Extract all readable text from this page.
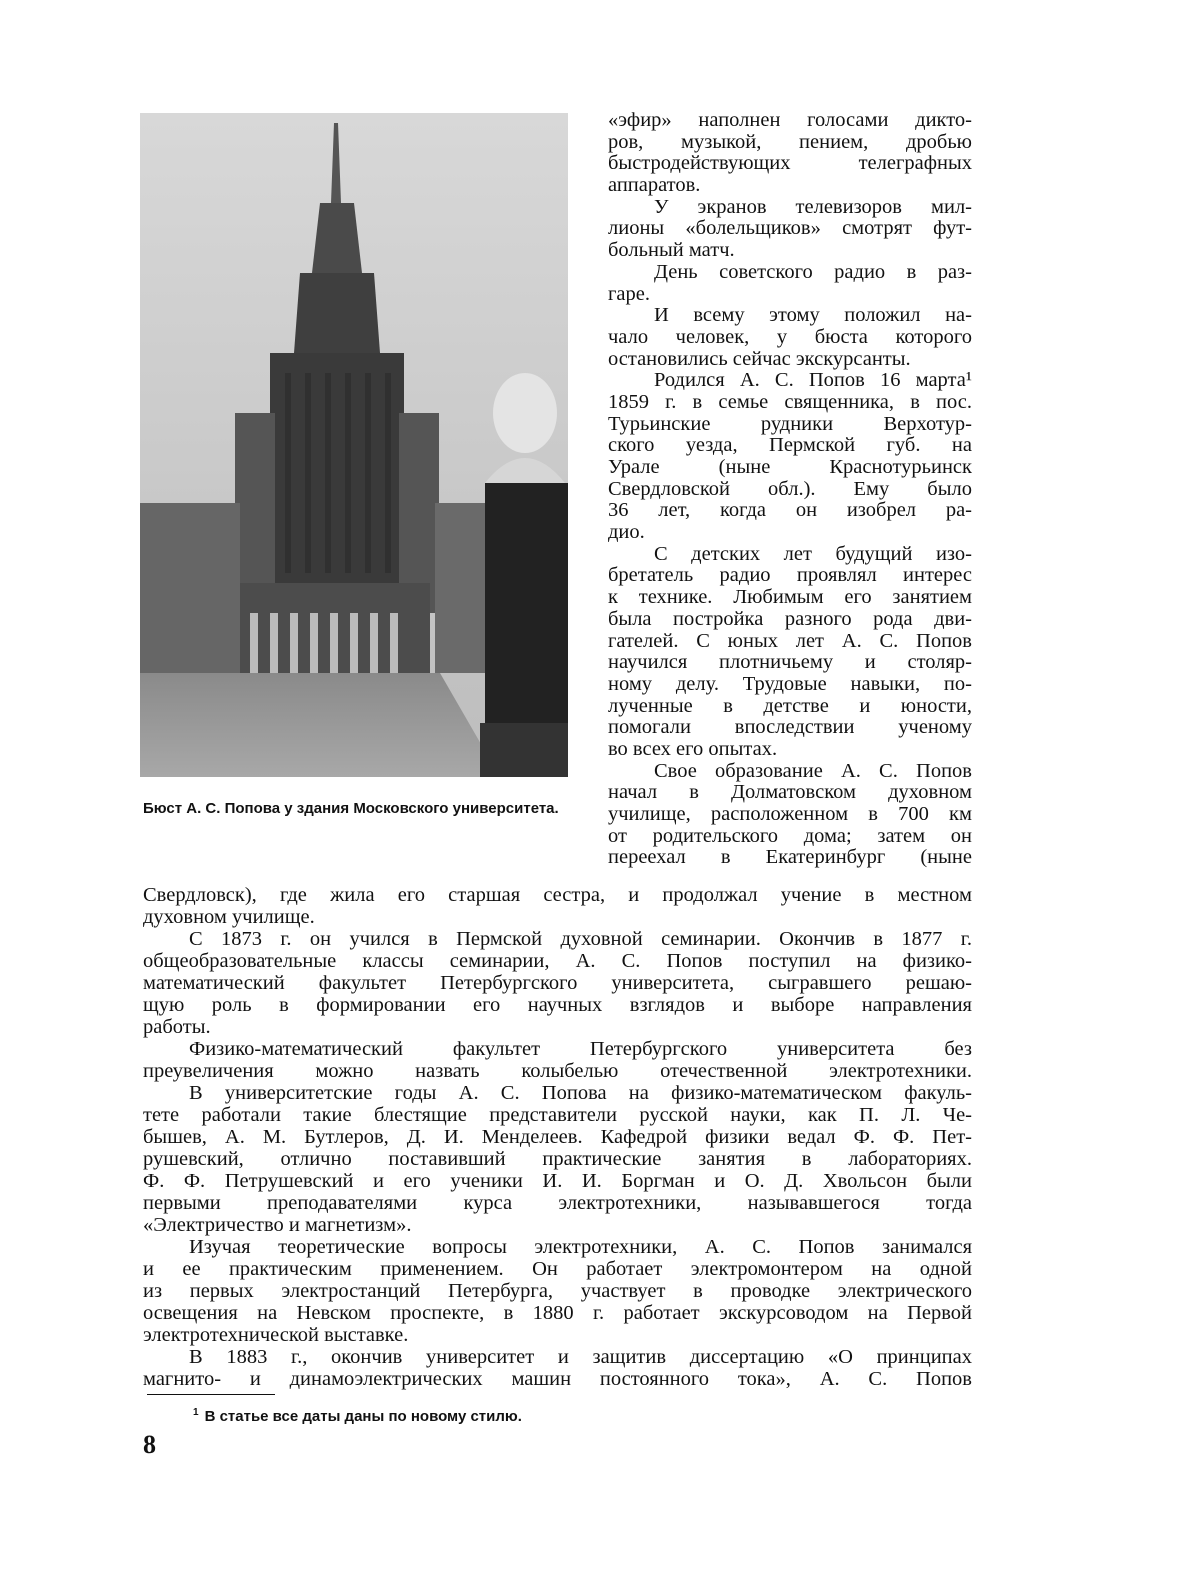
Бюст А. С. Попова у здания Московского университета.
«эфир» наполнен голосами дикто-
ров, музыкой, пением, дробью
быстродействующих телеграфных
аппаратов.
У экранов телевизоров мил-
лионы «болельщиков» смотрят фут-
больный матч.
День советского радио в раз-
гаре.
И всему этому положил на-
чало человек, у бюста которого
остановились сейчас экскурсанты.
Родился А. С. Попов 16 марта¹
1859 г. в семье священника, в пос.
Турьинские рудники Верхотур-
ского уезда, Пермской губ. на
Урале (ныне Краснотурьинск
Свердловской обл.). Ему было
36 лет, когда он изобрел ра-
дио.
С детских лет будущий изо-
бретатель радио проявлял интерес
к технике. Любимым его занятием
была постройка разного рода дви-
гателей. С юных лет А. С. Попов
научился плотничьему и столяр-
ному делу. Трудовые навыки, по-
лученные в детстве и юности,
помогали впоследствии ученому
во всех его опытах.
Свое образование А. С. Попов
начал в Долматовском духовном
училище, расположенном в 700 км
от родительского дома; затем он
переехал в Екатеринбург (ныне
Свердловск), где жила его старшая сестра, и продолжал учение в местном
духовном училище.
С 1873 г. он учился в Пермской духовной семинарии. Окончив в 1877 г.
общеобразовательные классы семинарии, А. С. Попов поступил на физико-
математический факультет Петербургского университета, сыгравшего решаю-
щую роль в формировании его научных взглядов и выборе направления
работы.
Физико-математический факультет Петербургского университета без
преувеличения можно назвать колыбелью отечественной электротехники.
В университетские годы А. С. Попова на физико-математическом факуль-
тете работали такие блестящие представители русской науки, как П. Л. Че-
бышев, А. М. Бутлеров, Д. И. Менделеев. Кафедрой физики ведал Ф. Ф. Пет-
рушевский, отлично поставивший практические занятия в лабораториях.
Ф. Ф. Петрушевский и его ученики И. И. Боргман и О. Д. Хвольсон были
первыми преподавателями курса электротехники, называвшегося тогда
«Электричество и магнетизм».
Изучая теоретические вопросы электротехники, А. С. Попов занимался
и ее практическим применением. Он работает электромонтером на одной
из первых электростанций Петербурга, участвует в проводке электрического
освещения на Невском проспекте, в 1880 г. работает экскурсоводом на Первой
электротехнической выставке.
В 1883 г., окончив университет и защитив диссертацию «О принципах
магнито- и динамоэлектрических машин постоянного тока», А. С. Попов
$^1$ В статье все даты даны по новому стилю.
8
